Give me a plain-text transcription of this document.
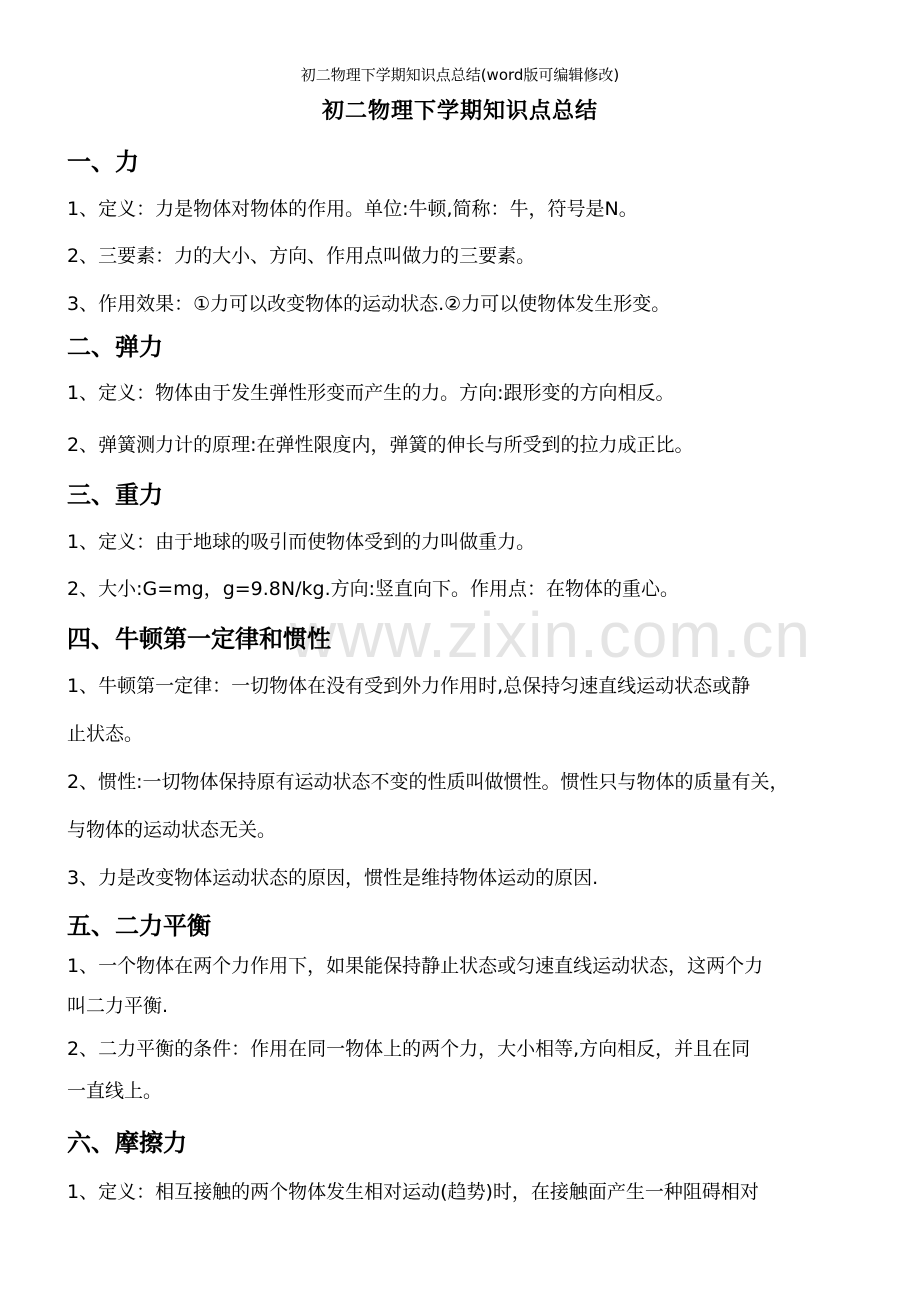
www.zixin.com.cn
初二物理下学期知识点总结(word版可编辑修改)
初二物理下学期知识点总结
一、力
1、定义：力是物体对物体的作用。单位:牛顿,简称：牛，符号是N。
2、三要素：力的大小、方向、作用点叫做力的三要素。
3、作用效果：①力可以改变物体的运动状态.②力可以使物体发生形变。
二、弹力
1、定义：物体由于发生弹性形变而产生的力。方向:跟形变的方向相反。
2、弹簧测力计的原理:在弹性限度内，弹簧的伸长与所受到的拉力成正比。
三、重力
1、定义：由于地球的吸引而使物体受到的力叫做重力。
2、大小:G=mg，g=9.8N/kg.方向:竖直向下。作用点：在物体的重心。
四、牛顿第一定律和惯性
1、牛顿第一定律：一切物体在没有受到外力作用时,总保持匀速直线运动状态或静
止状态。
2、惯性:一切物体保持原有运动状态不变的性质叫做惯性。惯性只与物体的质量有关，
与物体的运动状态无关。
3、力是改变物体运动状态的原因，惯性是维持物体运动的原因.
五、二力平衡
1、一个物体在两个力作用下，如果能保持静止状态或匀速直线运动状态，这两个力
叫二力平衡.
2、二力平衡的条件：作用在同一物体上的两个力，大小相等,方向相反，并且在同
一直线上。
六、摩擦力
1、定义：相互接触的两个物体发生相对运动(趋势)时，在接触面产生一种阻碍相对
